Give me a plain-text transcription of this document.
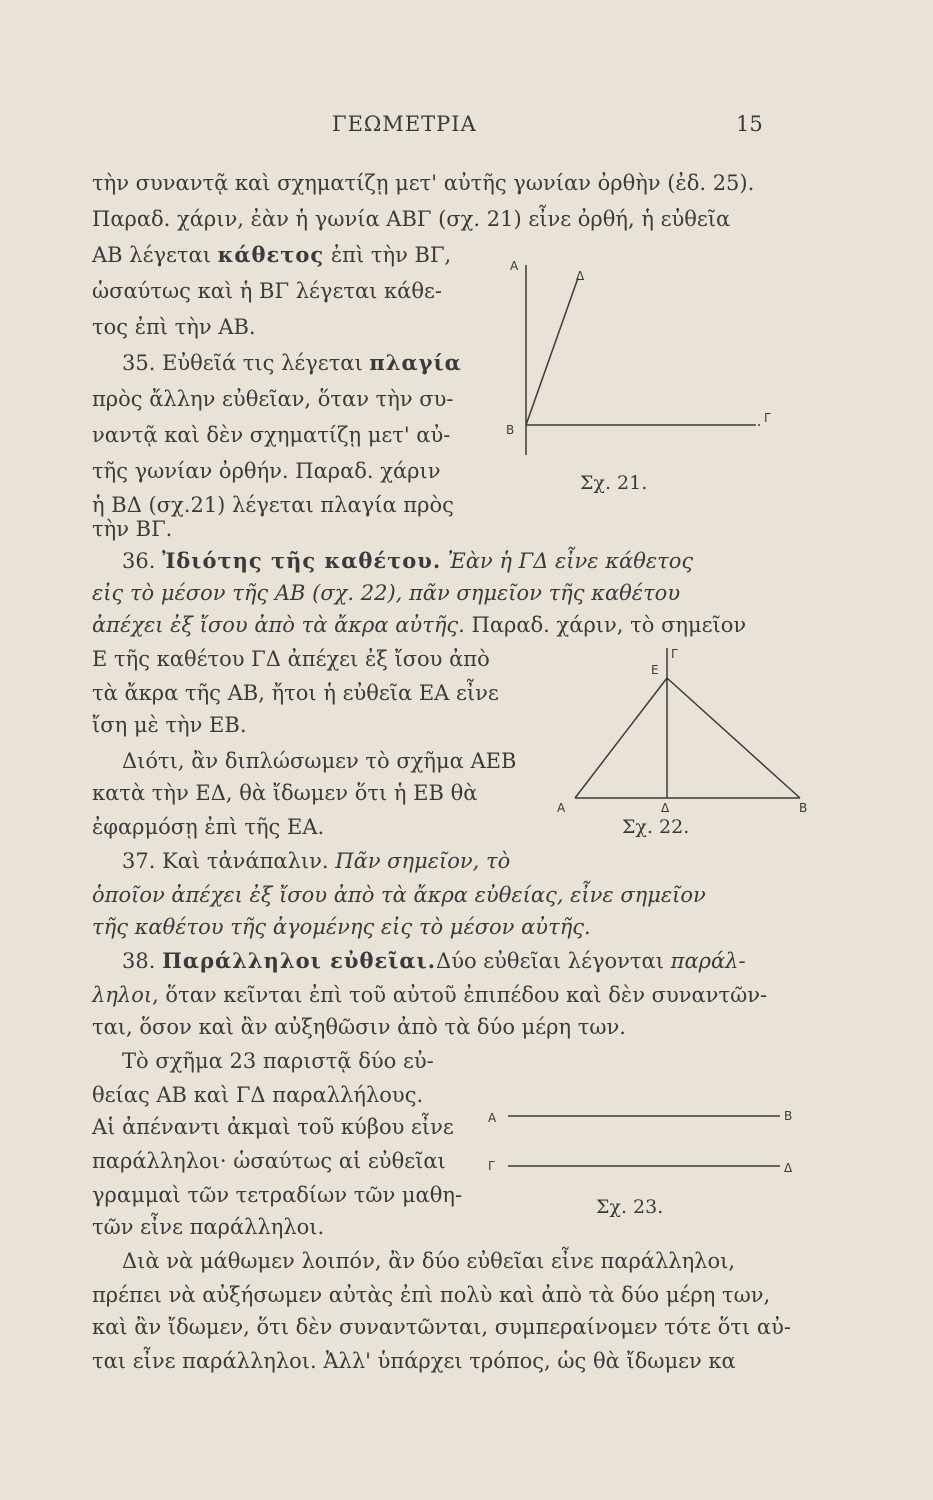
ΓΕΩΜΕΤΡΙΑ	15
τὴν συναντᾷ καὶ σχηματίζῃ μετ' αὐτῆς γωνίαν ὀρθὴν (ἐδ. 25).
Παραδ. χάριν, ἐὰν ἡ γωνία ΑΒΓ (σχ. 21) εἶνε ὀρθή, ἡ εὐθεῖα
ΑΒ λέγεται κάθετος ἐπὶ τὴν ΒΓ,
ὡσαύτως καὶ ἡ ΒΓ λέγεται κάθε-
τος ἐπὶ τὴν ΑΒ.
35. Εὐθεῖά τις λέγεται πλαγία
πρὸς ἄλλην εὐθεῖαν, ὅταν τὴν συ-
ναντᾷ καὶ δὲν σχηματίζῃ μετ' αὐ-
τῆς γωνίαν ὀρθήν. Παραδ. χάριν
ἡ ΒΔ (σχ.21) λέγεται πλαγία πρὸς
τὴν ΒΓ.
36. Ἰδιότης τῆς καθέτου. Ἐὰν ἡ ΓΔ εἶνε κάθετος
εἰς τὸ μέσον τῆς ΑΒ (σχ. 22), πᾶν σημεῖον τῆς καθέτου
ἀπέχει ἐξ ἴσου ἀπὸ τὰ ἄκρα αὐτῆς. Παραδ. χάριν, τὸ σημεῖον
Ε τῆς καθέτου ΓΔ ἀπέχει ἐξ ἴσου ἀπὸ
τὰ ἄκρα τῆς ΑΒ, ἤτοι ἡ εὐθεῖα ΕΑ εἶνε
ἴση μὲ τὴν ΕΒ.
Διότι, ἂν διπλώσωμεν τὸ σχῆμα ΑΕΒ
κατὰ τὴν ΕΔ, θὰ ἴδωμεν ὅτι ἡ ΕΒ θὰ
ἐφαρμόσῃ ἐπὶ τῆς ΕΑ.
37. Καὶ τἀνάπαλιν. Πᾶν σημεῖον, τὸ
ὁποῖον ἀπέχει ἐξ ἴσου ἀπὸ τὰ ἄκρα εὐθείας, εἶνε σημεῖον
τῆς καθέτου τῆς ἀγομένης εἰς τὸ μέσον αὐτῆς.
38. Παράλληλοι εὐθεῖαι.Δύο εὐθεῖαι λέγονται παράλ-
ληλοι, ὅταν κεῖνται ἐπὶ τοῦ αὐτοῦ ἐπιπέδου καὶ δὲν συναντῶν-
ται, ὅσον καὶ ἂν αὐξηθῶσιν ἀπὸ τὰ δύο μέρη των.
Τὸ σχῆμα 23 παριστᾷ δύο εὐ-
θείας ΑΒ καὶ ΓΔ παραλλήλους.
Αἱ ἀπέναντι ἀκμαὶ τοῦ κύβου εἶνε
παράλληλοι· ὡσαύτως αἱ εὐθεῖαι
γραμμαὶ τῶν τετραδίων τῶν μαθη-
τῶν εἶνε παράλληλοι.
Διὰ νὰ μάθωμεν λοιπόν, ἂν δύο εὐθεῖαι εἶνε παράλληλοι,
πρέπει νὰ αὐξήσωμεν αὐτὰς ἐπὶ πολὺ καὶ ἀπὸ τὰ δύο μέρη των,
καὶ ἂν ἴδωμεν, ὅτι δὲν συναντῶνται, συμπεραίνομεν τότε ὅτι αὐ-
ται εἶνε παράλληλοι. Ἀλλ' ὑπάρχει τρόπος, ὡς θὰ ἴδωμεν κα
A
Δ
B
Γ
Σχ. 21.
Γ
E
A	Δ	B
Σχ. 22.
A	B
Γ	Δ
Σχ. 23.
